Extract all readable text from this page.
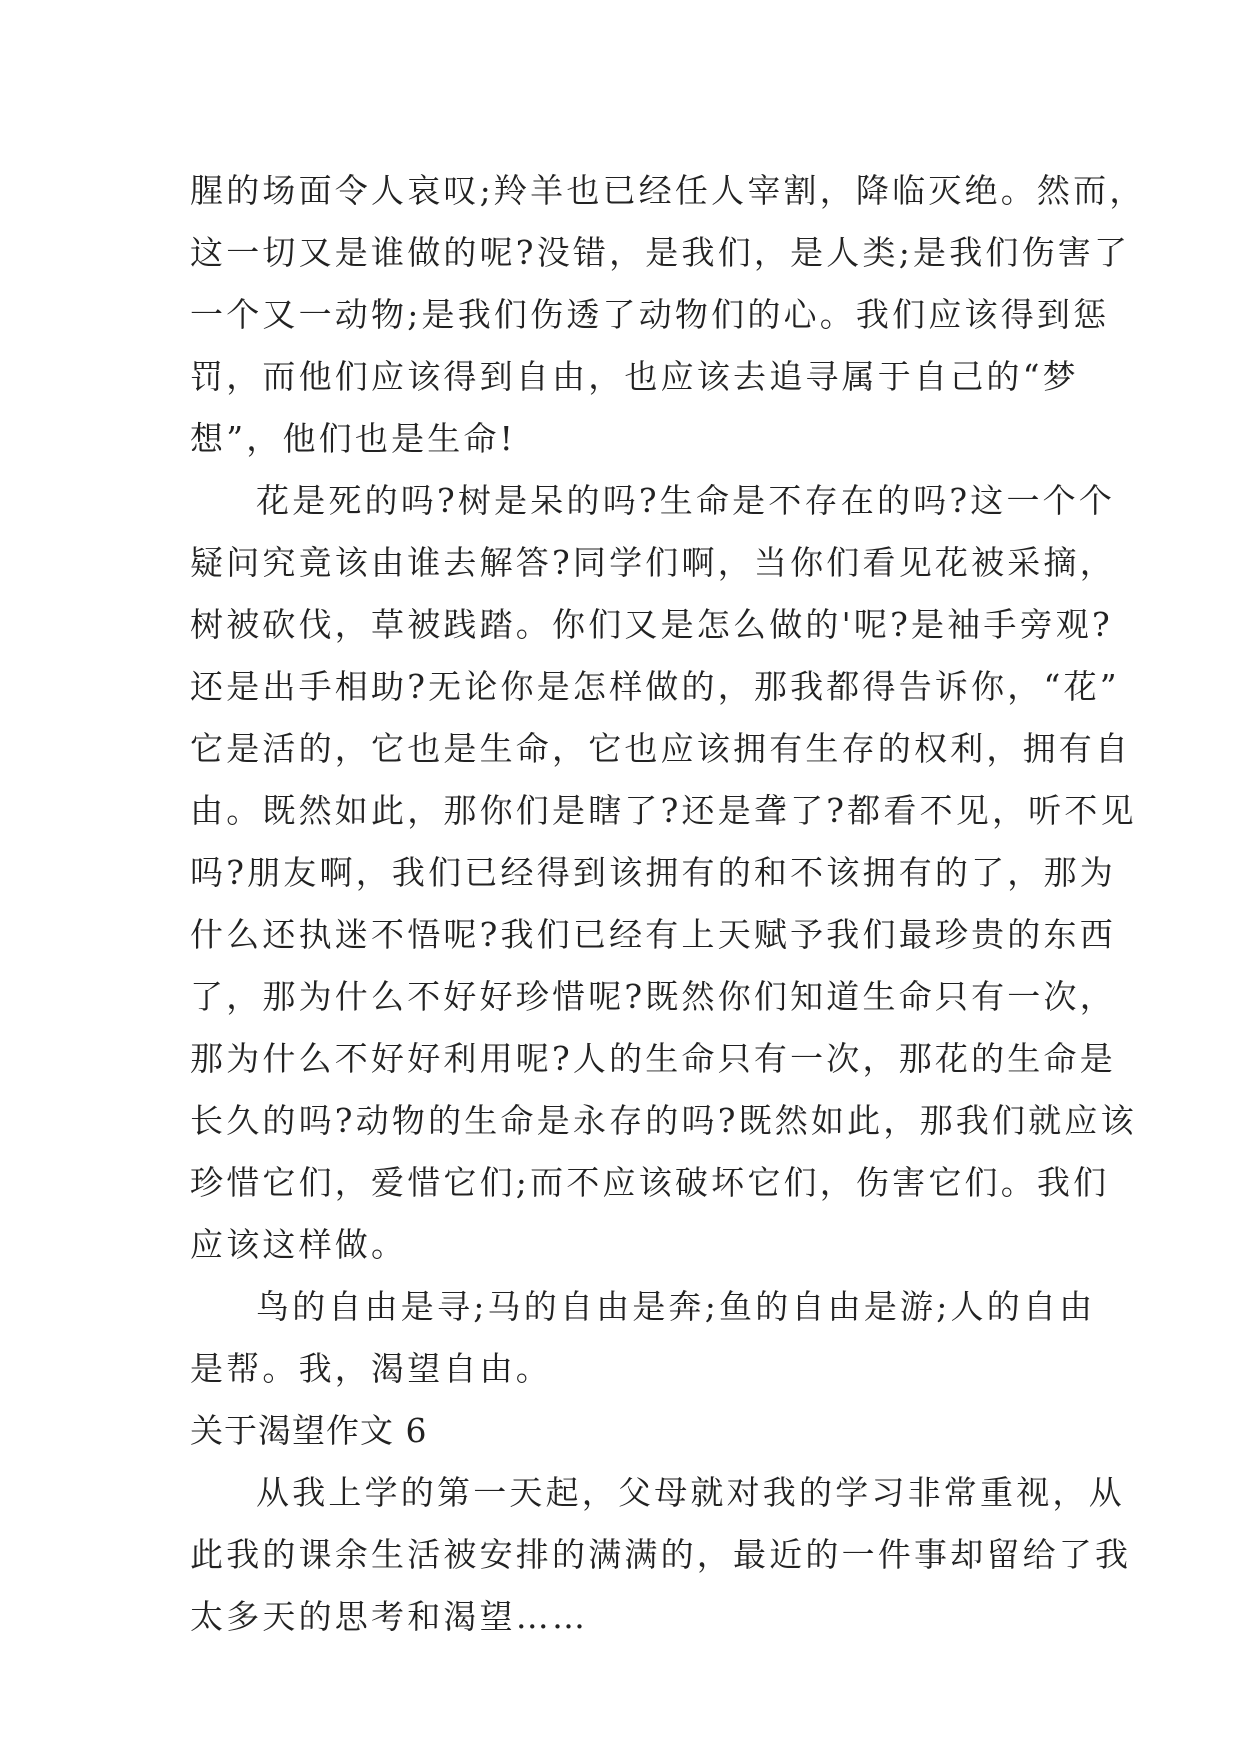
腥的场面令人哀叹;羚羊也已经任人宰割，降临灭绝。然而，
这一切又是谁做的呢?没错，是我们，是人类;是我们伤害了
一个又一动物;是我们伤透了动物们的心。我们应该得到惩
罚，而他们应该得到自由，也应该去追寻属于自己的“梦
想”，他们也是生命!
花是死的吗?树是呆的吗?生命是不存在的吗?这一个个
疑问究竟该由谁去解答?同学们啊，当你们看见花被采摘，
树被砍伐，草被践踏。你们又是怎么做的'呢?是袖手旁观?
还是出手相助?无论你是怎样做的，那我都得告诉你，“花”
它是活的，它也是生命，它也应该拥有生存的权利，拥有自
由。既然如此，那你们是瞎了?还是聋了?都看不见，听不见
吗?朋友啊，我们已经得到该拥有的和不该拥有的了，那为
什么还执迷不悟呢?我们已经有上天赋予我们最珍贵的东西
了，那为什么不好好珍惜呢?既然你们知道生命只有一次，
那为什么不好好利用呢?人的生命只有一次，那花的生命是
长久的吗?动物的生命是永存的吗?既然如此，那我们就应该
珍惜它们，爱惜它们;而不应该破坏它们，伤害它们。我们
应该这样做。
鸟的自由是寻;马的自由是奔;鱼的自由是游;人的自由
是帮。我，渴望自由。
关于渴望作文 6
从我上学的第一天起，父母就对我的学习非常重视，从
此我的课余生活被安排的满满的，最近的一件事却留给了我
太多天的思考和渴望……
